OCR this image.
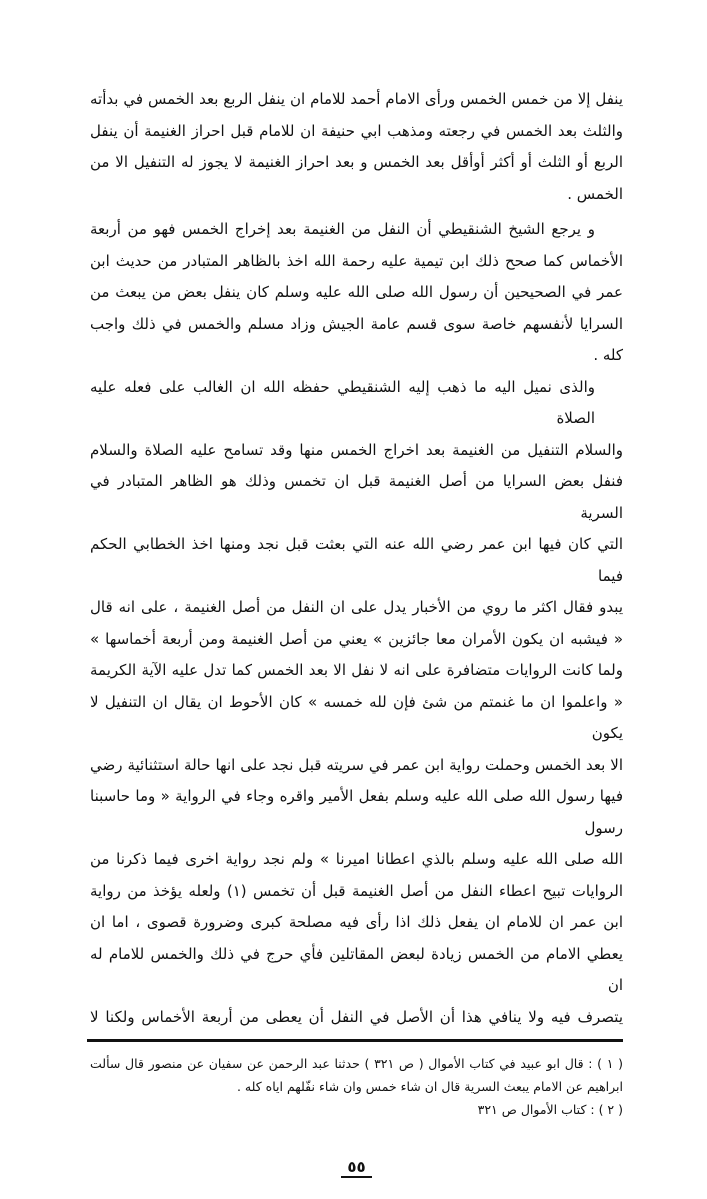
ينفل إلا من خمس الخمس ورأى الامام أحمد للامام ان ينفل الربع بعد الخمس في بدأته
والثلث بعد الخمس في رجعته ومذهب ابي حنيفة ان للامام قبل احراز الغنيمة أن ينفل
الربع أو الثلث أو أكثر أوأقل بعد الخمس و بعد احراز الغنيمة لا يجوز له التنفيل الا من
الخمس .
و يرجع الشيخ الشنقيطي أن النفل من الغنيمة بعد إخراج الخمس فهو من أربعة
الأخماس كما صحح ذلك ابن تيمية عليه رحمة الله اخذ بالظاهر المتبادر من حديث ابن
عمر في الصحيحين أن رسول الله صلى الله عليه وسلم كان ينفل بعض من يبعث من
السرايا لأنفسهم خاصة سوى قسم عامة الجيش وزاد مسلم والخمس في ذلك واجب
كله .
والذى نميل اليه ما ذهب إليه الشنقيطي حفظه الله ان الغالب على فعله عليه الصلاة
والسلام التنفيل من الغنيمة بعد اخراج الخمس منها وقد تسامح عليه الصلاة والسلام
فنفل بعض السرايا من أصل الغنيمة قبل ان تخمس وذلك هو الظاهر المتبادر في السرية
التي كان فيها ابن عمر رضي الله عنه التي بعثت قبل نجد ومنها اخذ الخطابي الحكم فيما
يبدو فقال اكثر ما روي من الأخبار يدل على ان النفل من أصل الغنيمة ، على انه قال
« فيشبه ان يكون الأمران معا جائزين » يعني من أصل الغنيمة ومن أربعة أخماسها »
ولما كانت الروايات متضافرة على انه لا نفل الا بعد الخمس كما تدل عليه الآية الكريمة
« واعلموا ان ما غنمتم من شئ فإن لله خمسه » كان الأحوط ان يقال ان التنفيل لا يكون
الا بعد الخمس وحملت رواية ابن عمر في سريته قبل نجد على انها حالة استثنائية رضي
فيها رسول الله صلى الله عليه وسلم بفعل الأمير واقره وجاء في الرواية « وما حاسبنا رسول
الله صلى الله عليه وسلم بالذي اعطانا اميرنا » ولم نجد رواية اخرى فيما ذكرنا من
الروايات تبيح اعطاء النفل من أصل الغنيمة قبل أن تخمس (١) ولعله يؤخذ من رواية
ابن عمر ان للامام ان يفعل ذلك اذا رأى فيه مصلحة كبرى وضرورة قصوى ، اما ان
يعطي الامام من الخمس زيادة لبعض المقاتلين فأي حرج في ذلك والخمس للامام له ان
يتصرف فيه ولا ينافي هذا أن الأصل في النفل أن يعطى من أربعة الأخماس ولكنا لا
( ١ ) : قال ابو عبيد في كتاب الأموال ( ص ٣٢١ ) حدثنا عبد الرحمن عن سفيان عن منصور قال سألت
ابراهيم عن الامام يبعث السرية قال ان شاء خمس وان شاء نفّلهم اياه كله .
( ٢ ) : كتاب الأموال ص ٣٢١
٥٥
